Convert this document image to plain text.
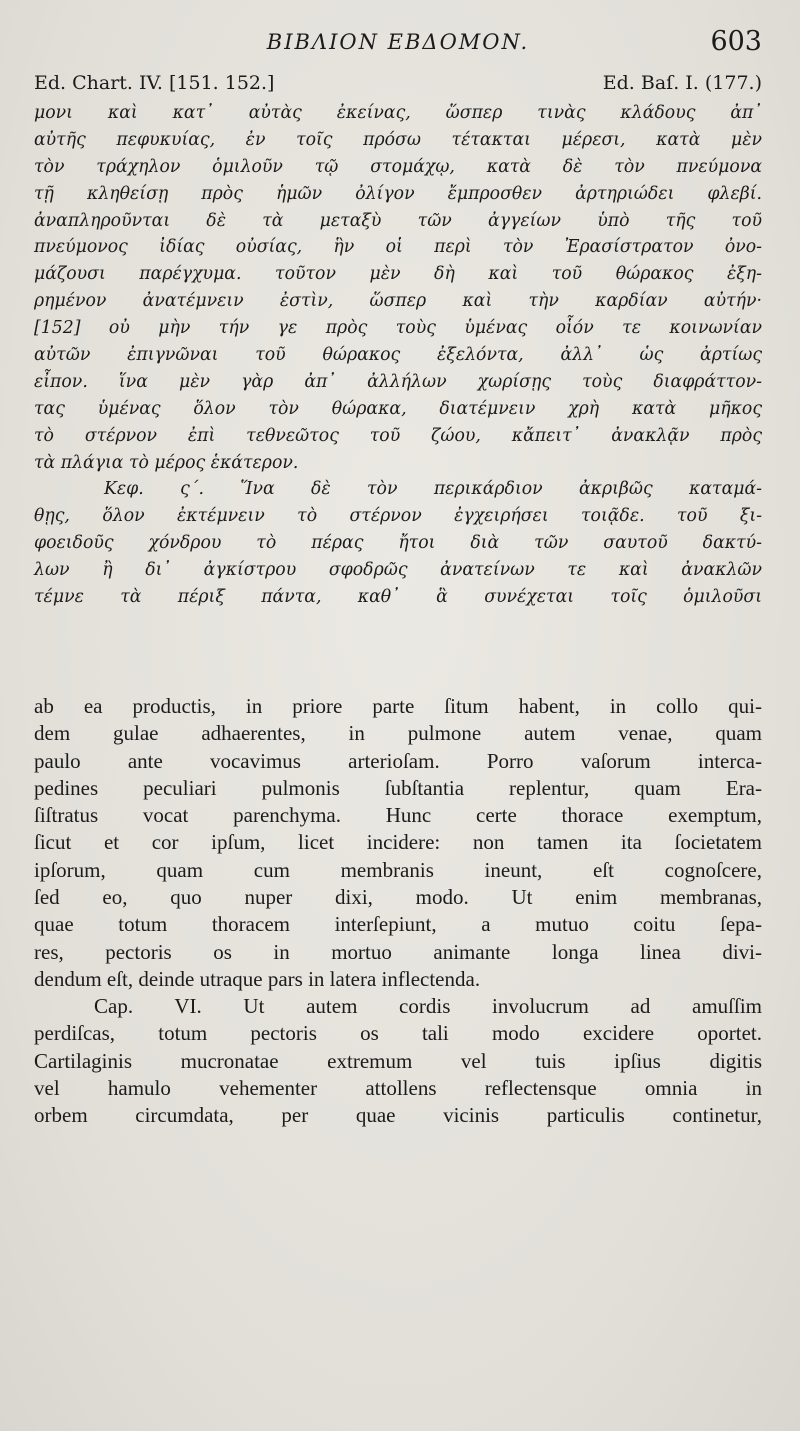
BIBΛION EBΔOMON.	603
Ed. Chart. IV. [151. 152.]	Ed. Baſ. I. (177.)
μονι καὶ κατ᾽ αὐτὰς ἐκείνας, ὥσπερ τινὰς κλάδους ἀπ᾽
αὐτῆς πεφυκυίας, ἐν τοῖς πρόσω τέτακται μέρεσι, κατὰ μὲν
τὸν τράχηλον ὁμιλοῦν τῷ στομάχῳ, κατὰ δὲ τὸν πνεύμονα
τῇ κληθείσῃ πρὸς ἡμῶν ὀλίγον ἔμπροσθεν ἀρτηριώδει φλεβί.
ἀναπληροῦνται δὲ τὰ μεταξὺ τῶν ἀγγείων ὑπὸ τῆς τοῦ
πνεύμονος ἰδίας οὐσίας, ἣν οἱ περὶ τὸν Ἐρασίστρατον ὀνο-
μάζουσι παρέγχυμα. τοῦτον μὲν δὴ καὶ τοῦ θώρακος ἐξη-
ρημένον ἀνατέμνειν ἐστὶν, ὥσπερ καὶ τὴν καρδίαν αὐτήν·
[152] οὐ μὴν τήν γε πρὸς τοὺς ὑμένας οἷόν τε κοινωνίαν
αὐτῶν ἐπιγνῶναι τοῦ θώρακος ἐξελόντα, ἀλλ᾽ ὡς ἀρτίως
εἶπον. ἵνα μὲν γὰρ ἀπ᾽ ἀλλήλων χωρίσῃς τοὺς διαφράττον-
τας ὑμένας ὅλον τὸν θώρακα, διατέμνειν χρὴ κατὰ μῆκος
τὸ στέρνον ἐπὶ τεθνεῶτος τοῦ ζώου, κἄπειτ᾽ ἀνακλᾷν πρὸς
τὰ πλάγια τὸ μέρος ἑκάτερον.
Κεφ. ς΄. Ἵνα δὲ τὸν περικάρδιον ἀκριβῶς καταμά-
θῃς, ὅλον ἐκτέμνειν τὸ στέρνον ἐγχειρήσει τοιᾷδε. τοῦ ξι-
φοειδοῦς χόνδρου τὸ πέρας ἤτοι διὰ τῶν σαυτοῦ δακτύ-
λων ἢ δι᾽ ἀγκίστρου σφοδρῶς ἀνατείνων τε καὶ ἀνακλῶν
τέμνε τὰ πέριξ πάντα, καθ᾽ ἃ συνέχεται τοῖς ὁμιλοῦσι
ab ea productis, in priore parte ſitum habent, in collo qui-
dem gulae adhaerentes, in pulmone autem venae, quam
paulo ante vocavimus arterioſam. Porro vaſorum interca-
pedines peculiari pulmonis ſubſtantia replentur, quam Era-
ſiſtratus vocat parenchyma. Hunc certe thorace exemptum,
ſicut et cor ipſum, licet incidere: non tamen ita ſocietatem
ipſorum, quam cum membranis ineunt, eſt cognoſcere,
ſed eo, quo nuper dixi, modo. Ut enim membranas,
quae totum thoracem interſepiunt, a mutuo coitu ſepa-
res, pectoris os in mortuo animante longa linea divi-
dendum eſt, deinde utraque pars in latera inflectenda.
Cap. VI. Ut autem cordis involucrum ad amuſſim
perdiſcas, totum pectoris os tali modo excidere oportet.
Cartilaginis mucronatae extremum vel tuis ipſius digitis
vel hamulo vehementer attollens reflectensque omnia in
orbem circumdata, per quae vicinis particulis continetur,
